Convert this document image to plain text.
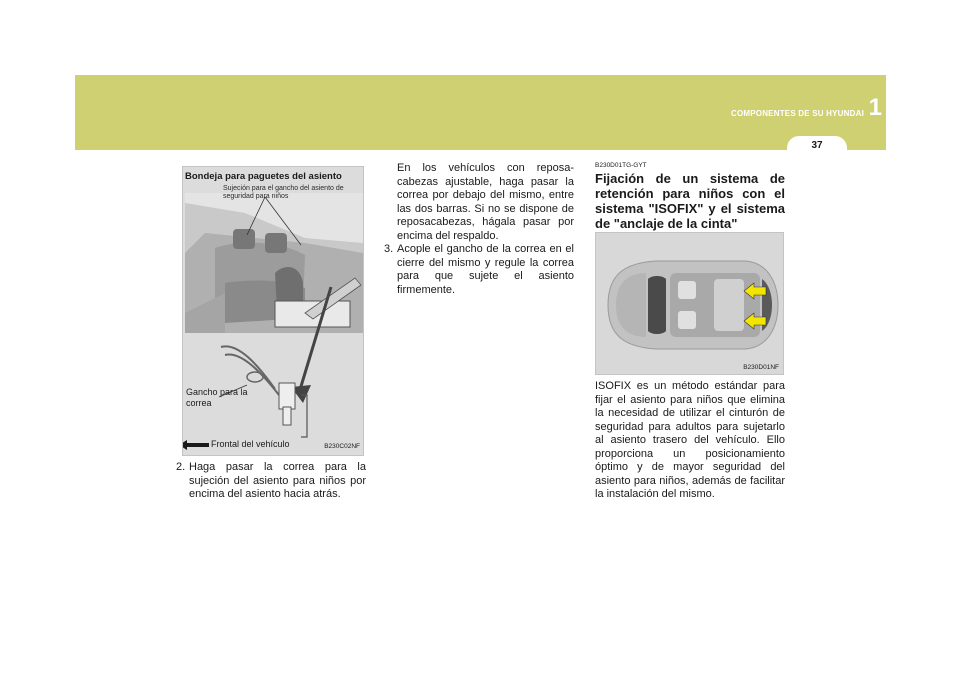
COMPONENTES DE SU HYUNDAI 1
37
Bondeja para paguetes del asiento
Sujeción para el gancho del asiento de seguridad para niños
Gancho para la correa
Frontal del vehículo	B230C02NF
2. Haga pasar la correa para la sujeción del asiento para niños por encima del asiento hacia atrás.
En los vehículos con reposa- cabezas ajustable, haga pasar la correa por debajo del mismo, entre las dos barras. Si no se dispone de reposacabezas, hágala pasar por encima del respaldo.
3. Acople el gancho de la correa en el cierre del mismo y regule la correa para que sujete el asiento firmemente.
B230D01TG-GYT
Fijación de un sistema de retención para niños con el sistema "ISOFIX" y el sistema de "anclaje de la cinta"
B230D01NF
ISOFIX es un método estándar para fijar el asiento para niños que elimina la necesidad de utilizar el cinturón de seguridad para adultos para sujetarlo al asiento trasero del vehículo. Ello proporciona un posicionamiento óptimo y de mayor seguridad del asiento para niños, además de facilitar la instalación del mismo.
